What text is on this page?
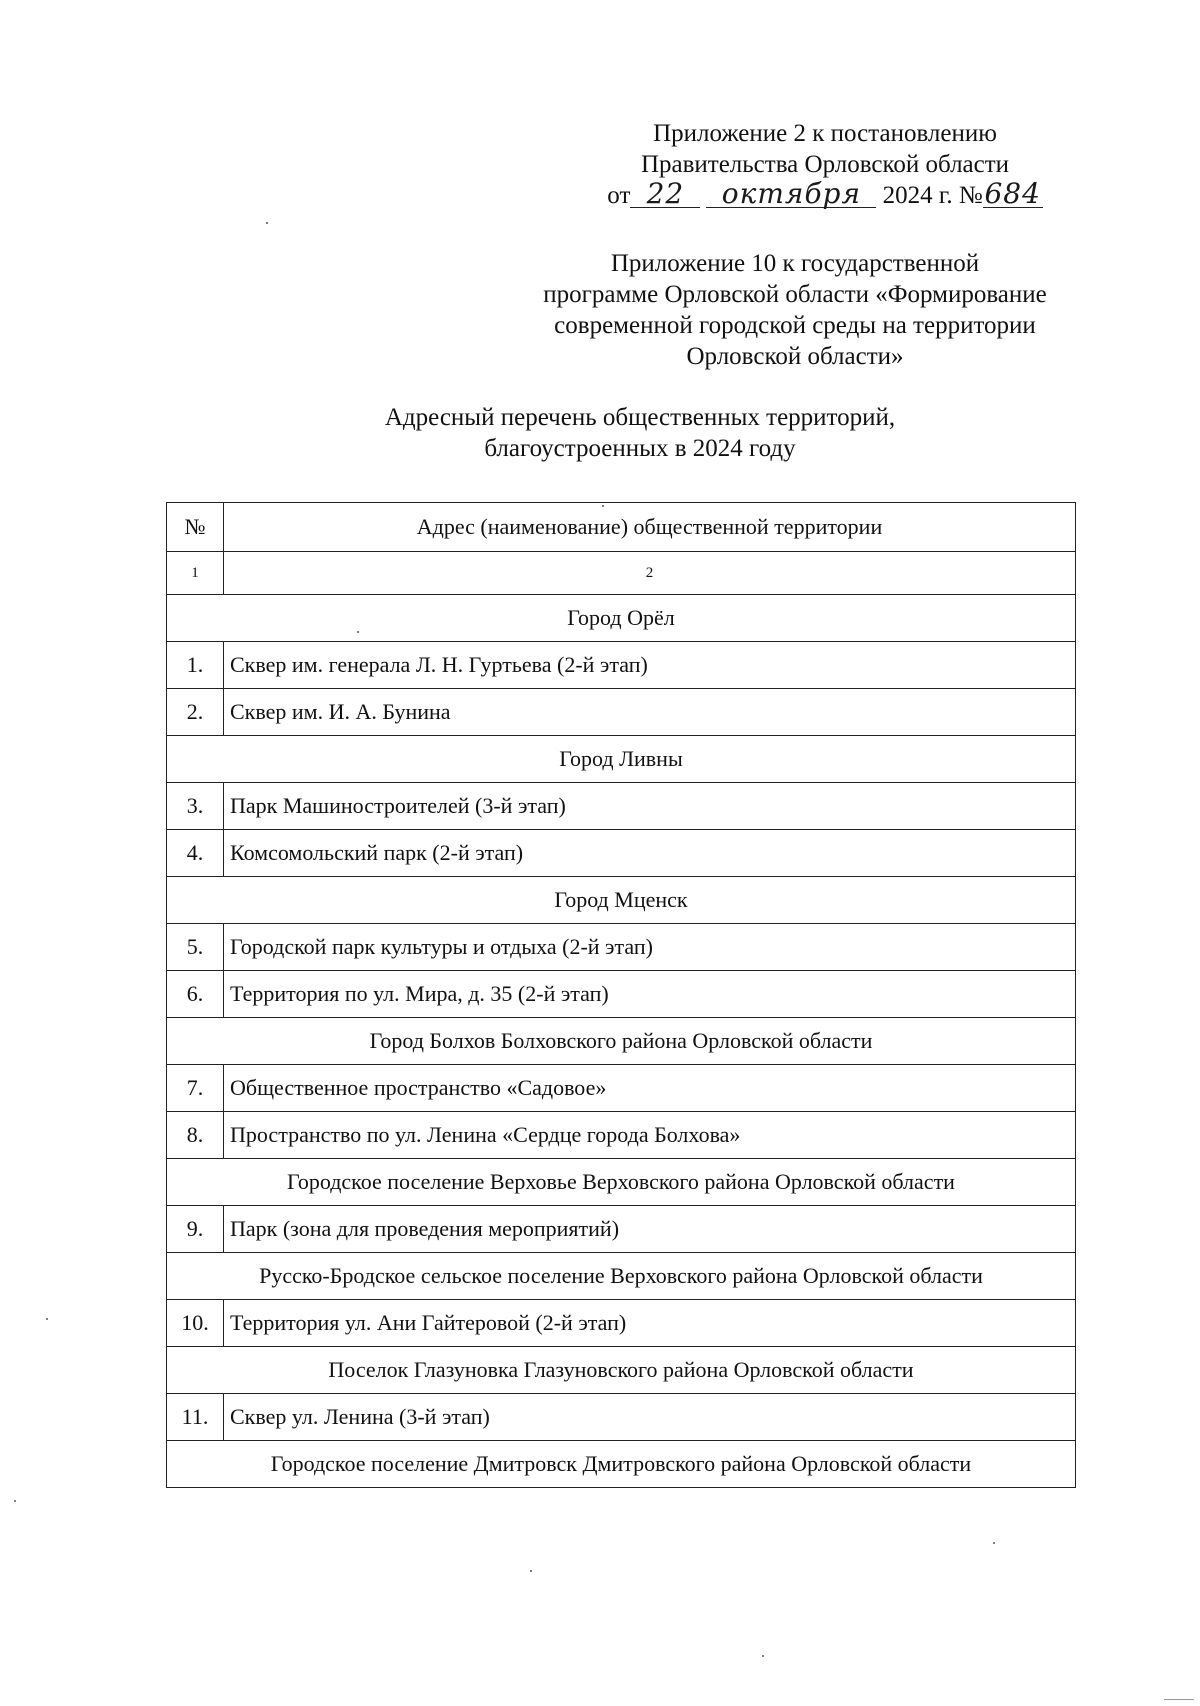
Приложение 2 к постановлению
Правительства Орловской области
от 22 октября 2024 г. №684
Приложение 10 к государственной
программе Орловской области «Формирование
современной городской среды на территории
Орловской области»
Адресный перечень общественных территорий,
благоустроенных в 2024 году
№	Адрес (наименование) общественной территории
1	2
Город Орёл	
1.	Сквер им. генерала Л. Н. Гуртьева (2-й этап)
2.	Сквер им. И. А. Бунина
Город Ливны	
3.	Парк Машиностроителей (3-й этап)
4.	Комсомольский парк (2-й этап)
Город Мценск	
5.	Городской парк культуры и отдыха (2-й этап)
6.	Территория по ул. Мира, д. 35 (2-й этап)
Город Болхов Болховского района Орловской области	
7.	Общественное пространство «Садовое»
8.	Пространство по ул. Ленина «Сердце города Болхова»
Городское поселение Верховье Верховского района Орловской области	
9.	Парк (зона для проведения мероприятий)
Русско-Бродское сельское поселение Верховского района Орловской области	
10.	Территория ул. Ани Гайтеровой (2-й этап)
Поселок Глазуновка Глазуновского района Орловской области	
11.	Сквер ул. Ленина (3-й этап)
Городское поселение Дмитровск Дмитровского района Орловской области	
